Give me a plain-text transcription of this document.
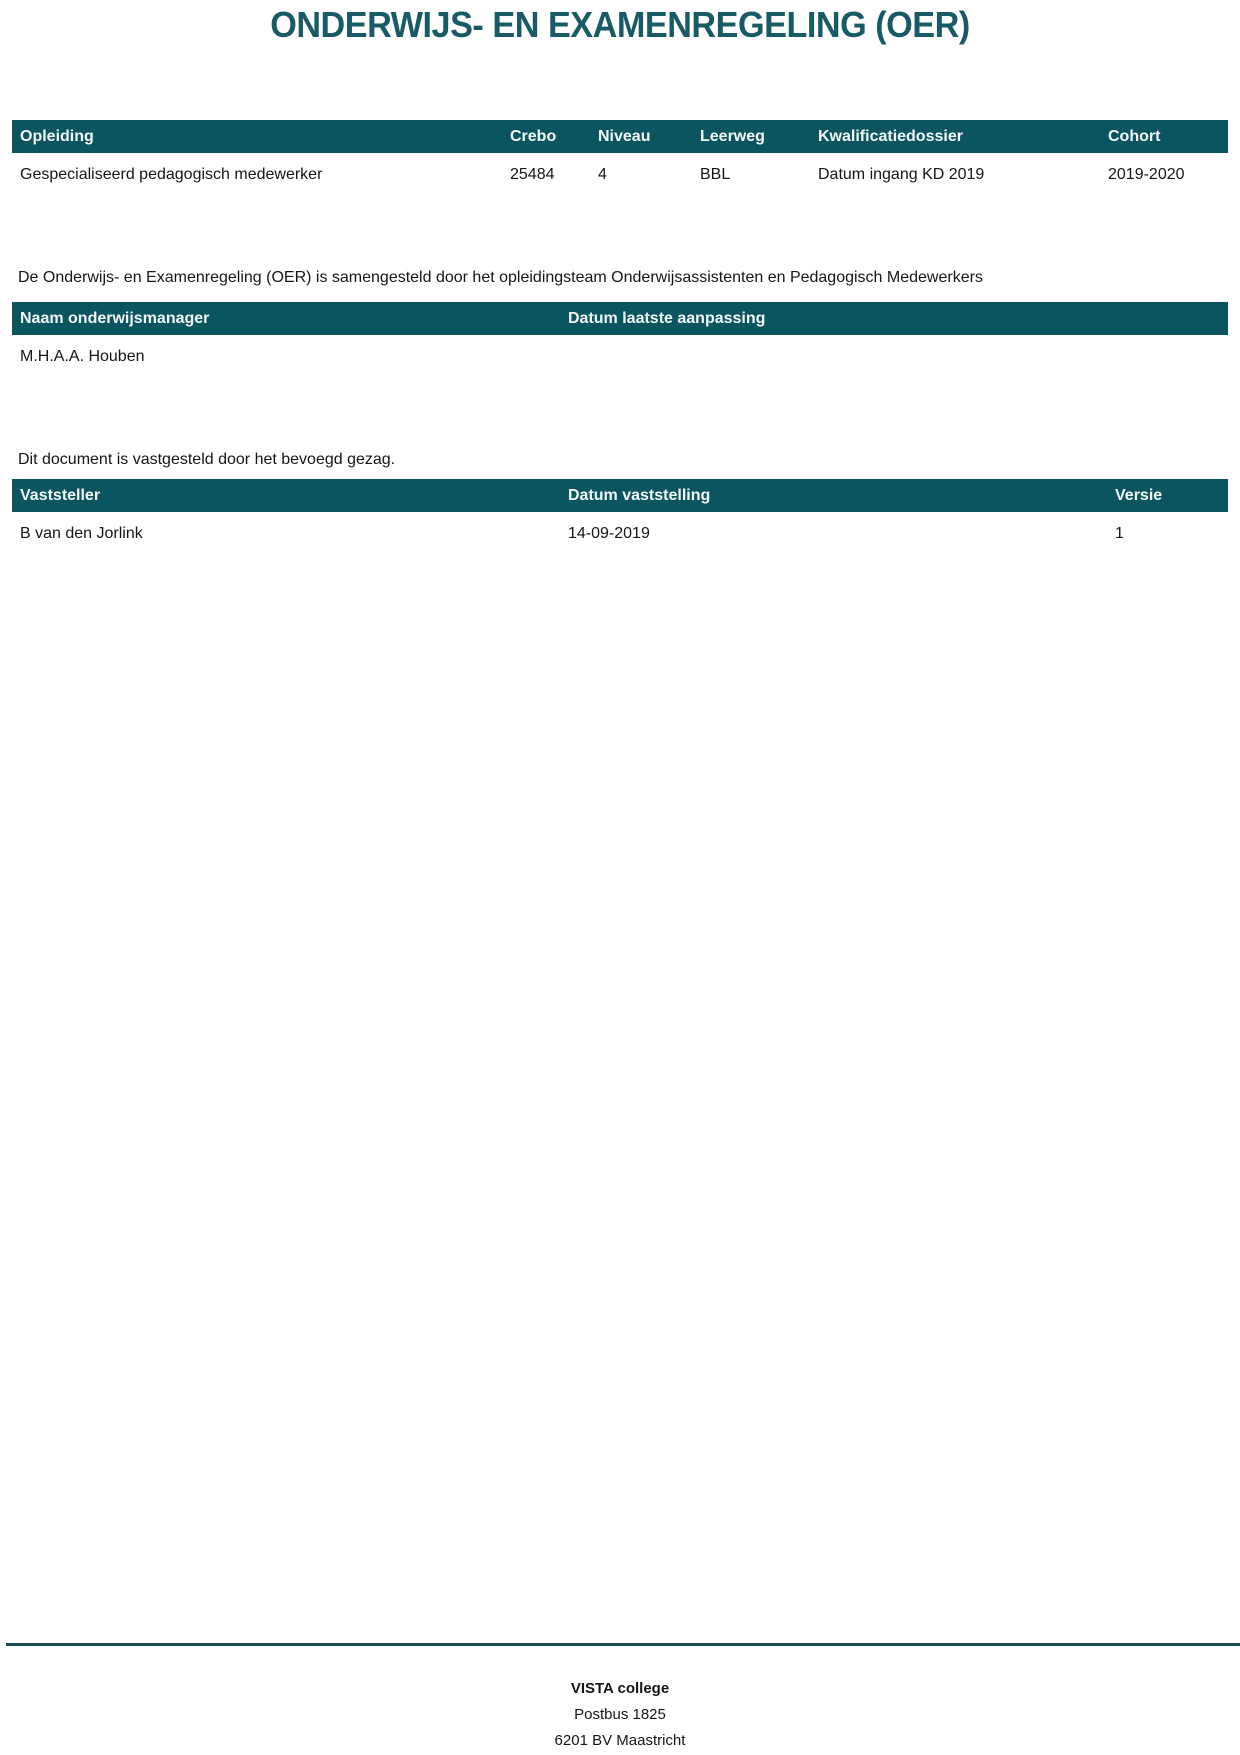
ONDERWIJS- EN EXAMENREGELING (OER)
Opleiding	Crebo	Niveau	Leerweg	Kwalificatiedossier	Cohort
Gespecialiseerd pedagogisch medewerker	25484	4	BBL	Datum ingang KD 2019	2019-2020

De Onderwijs- en Examenregeling (OER) is samengesteld door het opleidingsteam Onderwijsassistenten en Pedagogisch Medewerkers

Naam onderwijsmanager	Datum laatste aanpassing
M.H.A.A. Houben

Dit document is vastgesteld door het bevoegd gezag.

Vaststeller	Datum vaststelling	Versie
B van den Jorlink	14-09-2019	1
VISTA college
Postbus 1825
6201 BV Maastricht
